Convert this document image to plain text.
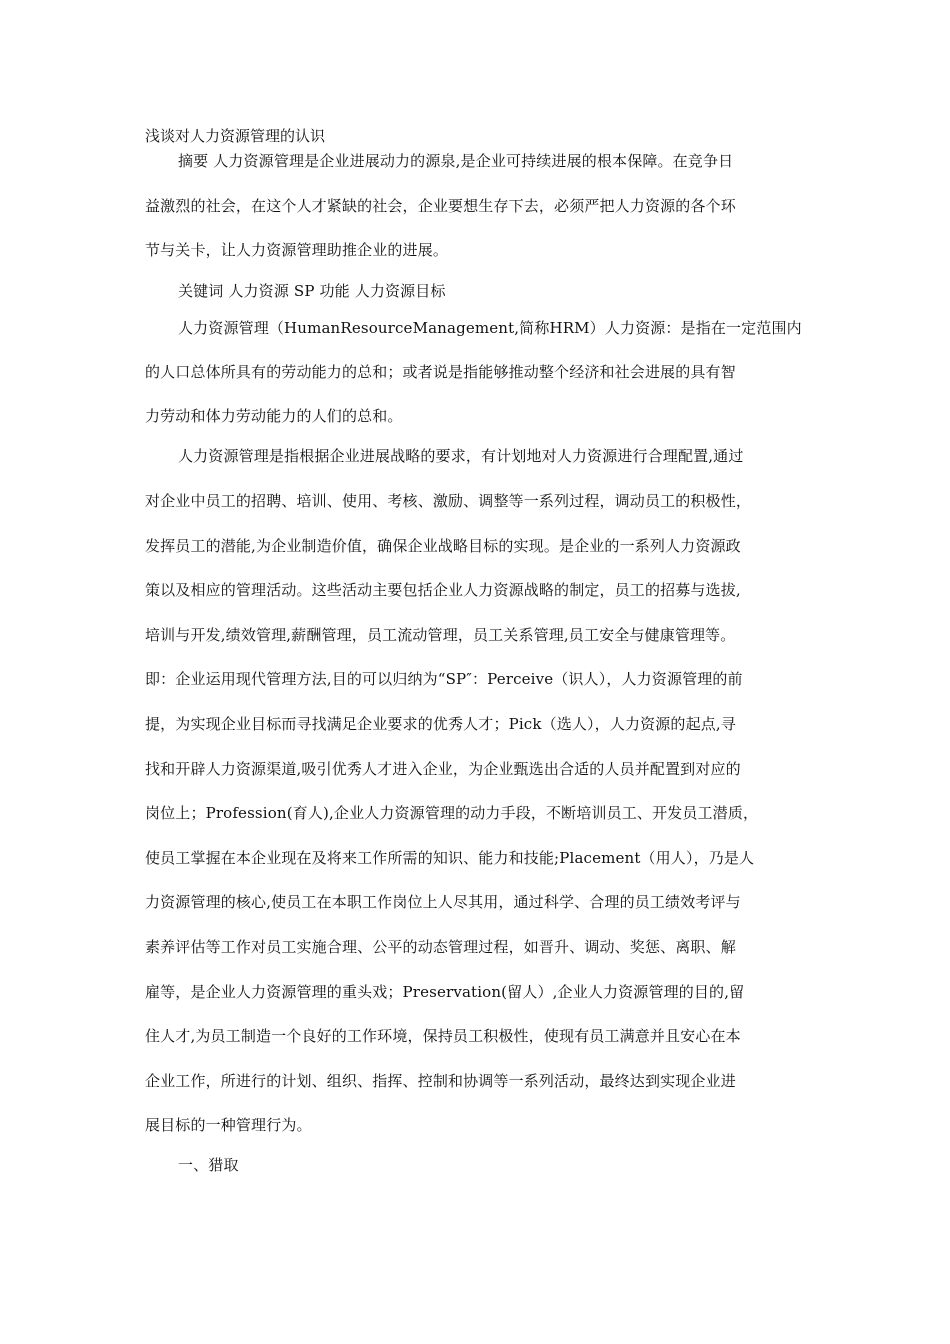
浅谈对人力资源管理的认识
摘要 人力资源管理是企业进展动力的源泉,是企业可持续进展的根本保障。在竞争日
益激烈的社会，在这个人才紧缺的社会，企业要想生存下去，必须严把人力资源的各个环
节与关卡，让人力资源管理助推企业的进展。
关键词 人力资源 SP 功能 人力资源目标
人力资源管理（HumanResourceManagement,简称HRM）人力资源：是指在一定范围内
的人口总体所具有的劳动能力的总和；或者说是指能够推动整个经济和社会进展的具有智
力劳动和体力劳动能力的人们的总和。
人力资源管理是指根据企业进展战略的要求，有计划地对人力资源进行合理配置,通过
对企业中员工的招聘、培训、使用、考核、激励、调整等一系列过程，调动员工的积极性，
发挥员工的潜能,为企业制造价值，确保企业战略目标的实现。是企业的一系列人力资源政
策以及相应的管理活动。这些活动主要包括企业人力资源战略的制定，员工的招募与选拔,
培训与开发,绩效管理,薪酬管理，员工流动管理，员工关系管理,员工安全与健康管理等。
即：企业运用现代管理方法,目的可以归纳为“SP″：Perceive（识人），人力资源管理的前
提，为实现企业目标而寻找满足企业要求的优秀人才；Pick（选人），人力资源的起点,寻
找和开辟人力资源渠道,吸引优秀人才进入企业，为企业甄选出合适的人员并配置到对应的
岗位上；Profession(育人),企业人力资源管理的动力手段，不断培训员工、开发员工潜质，
使员工掌握在本企业现在及将来工作所需的知识、能力和技能;Placement（用人），乃是人
力资源管理的核心,使员工在本职工作岗位上人尽其用，通过科学、合理的员工绩效考评与
素养评估等工作对员工实施合理、公平的动态管理过程，如晋升、调动、奖惩、离职、解
雇等，是企业人力资源管理的重头戏；Preservation(留人）,企业人力资源管理的目的,留
住人才,为员工制造一个良好的工作环境，保持员工积极性，使现有员工满意并且安心在本
企业工作，所进行的计划、组织、指挥、控制和协调等一系列活动，最终达到实现企业进
展目标的一种管理行为。
一、猎取
